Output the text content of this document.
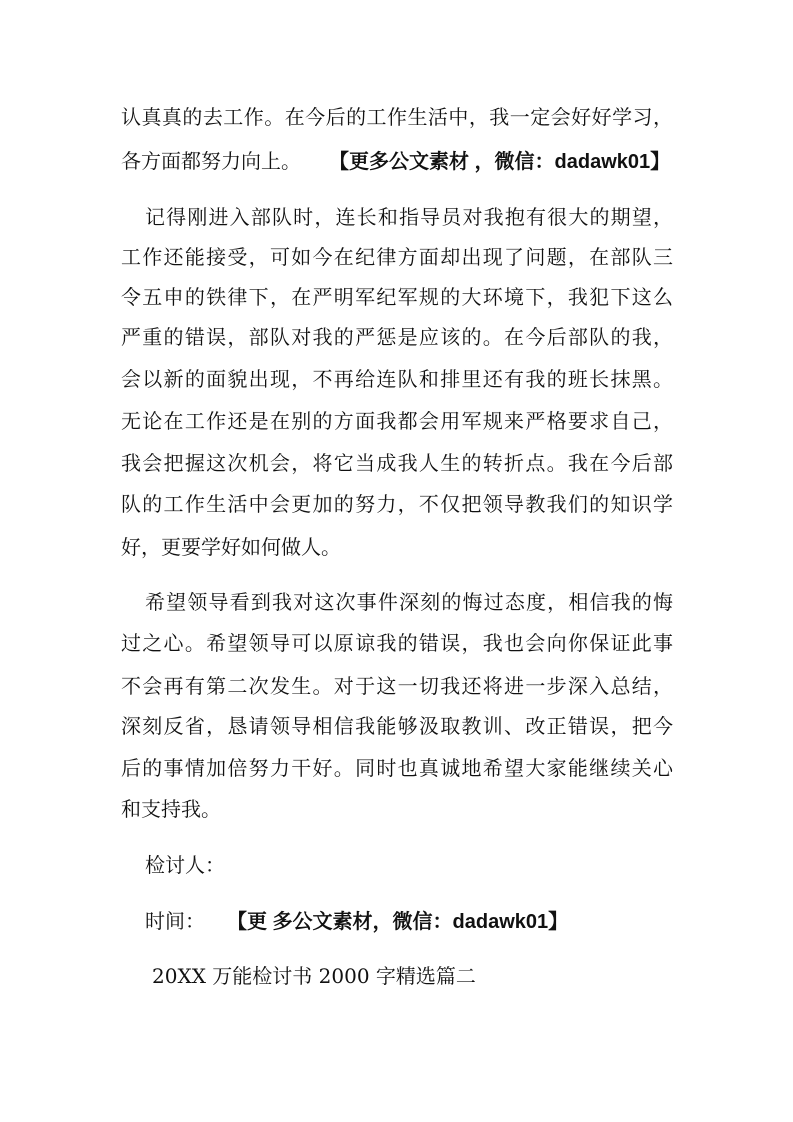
认真真的去工作。在今后的工作生活中，我一定会好好学习，
各方面都努力向上。 【更多公文素材 ，微信：dadawk01】
记得刚进入部队时，连长和指导员对我抱有很大的期望，
工作还能接受，可如今在纪律方面却出现了问题，在部队三
令五申的铁律下，在严明军纪军规的大环境下，我犯下这么
严重的错误，部队对我的严惩是应该的。在今后部队的我，
会以新的面貌出现，不再给连队和排里还有我的班长抹黑。
无论在工作还是在别的方面我都会用军规来严格要求自己，
我会把握这次机会，将它当成我人生的转折点。我在今后部
队的工作生活中会更加的努力，不仅把领导教我们的知识学
好，更要学好如何做人。
希望领导看到我对这次事件深刻的悔过态度，相信我的悔
过之心。希望领导可以原谅我的错误，我也会向你保证此事
不会再有第二次发生。对于这一切我还将进一步深入总结，
深刻反省，恳请领导相信我能够汲取教训、改正错误，把今
后的事情加倍努力干好。同时也真诚地希望大家能继续关心
和支持我。
检讨人：
时间： 【更 多公文素材，微信：dadawk01】
20XX 万能检讨书 2000 字精选篇二
